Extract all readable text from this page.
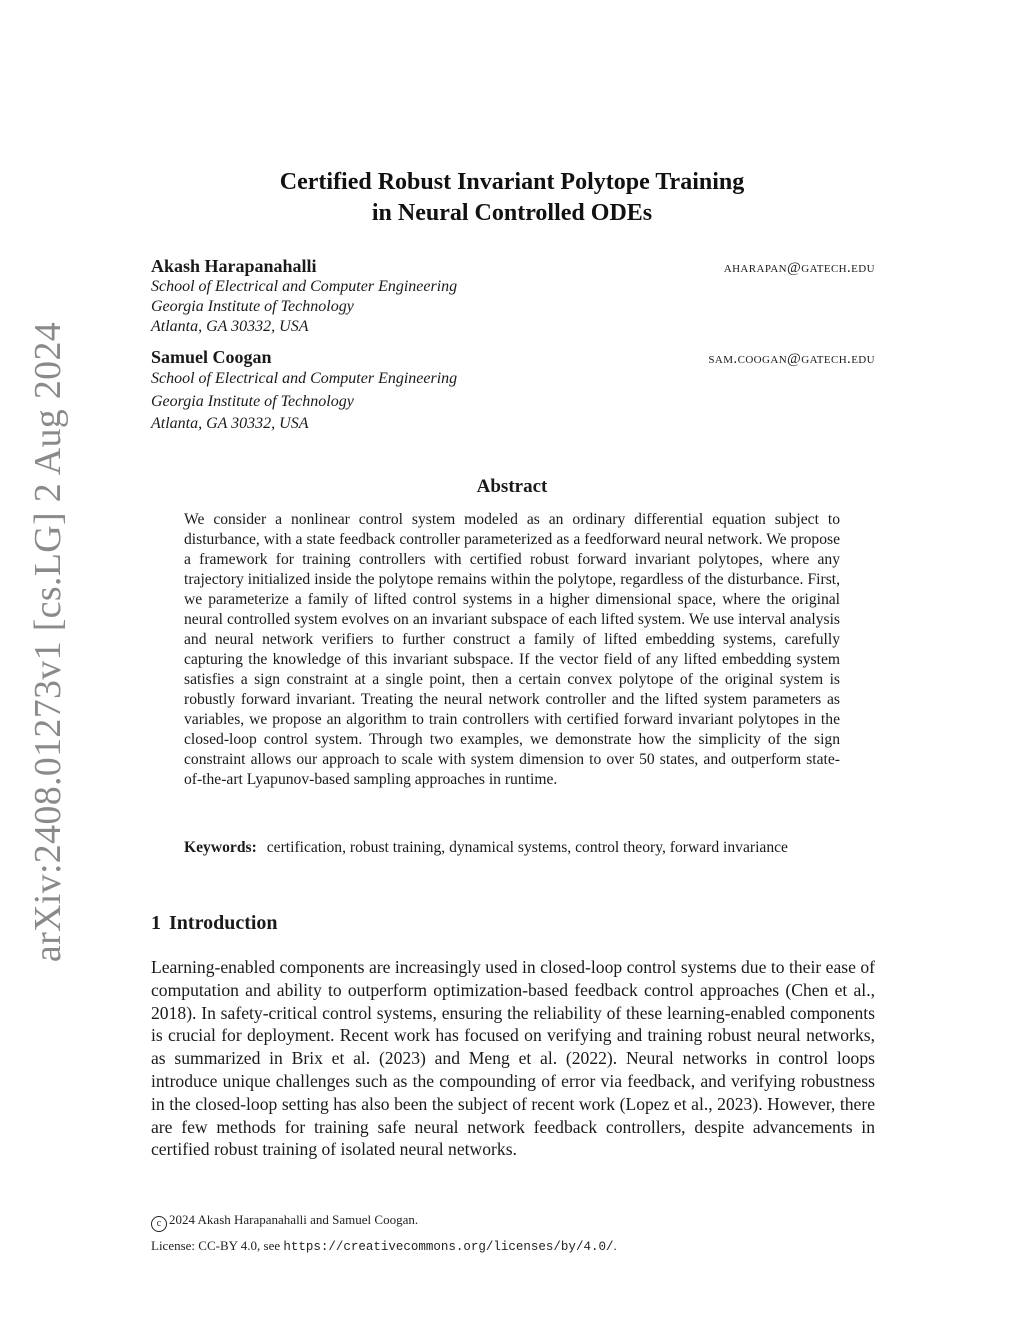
arXiv:2408.01273v1 [cs.LG] 2 Aug 2024
Certified Robust Invariant Polytope Training
in Neural Controlled ODEs
Akash Harapanahalli	aharapan@gatech.edu
School of Electrical and Computer Engineering
Georgia Institute of Technology
Atlanta, GA 30332, USA
Samuel Coogan	sam.coogan@gatech.edu
School of Electrical and Computer Engineering
Georgia Institute of Technology
Atlanta, GA 30332, USA
Abstract
We consider a nonlinear control system modeled as an ordinary differential equation subject to disturbance, with a state feedback controller parameterized as a feedforward neural network. We propose a framework for training controllers with certified robust forward invariant polytopes, where any trajectory initialized inside the polytope remains within the polytope, regardless of the disturbance. First, we parameterize a family of lifted control systems in a higher dimensional space, where the original neural controlled system evolves on an invariant subspace of each lifted system. We use interval analysis and neural network verifiers to further construct a family of lifted embedding systems, carefully capturing the knowledge of this invariant subspace. If the vector field of any lifted embedding system satisfies a sign constraint at a single point, then a certain convex polytope of the original system is robustly forward invariant. Treating the neural network controller and the lifted system parameters as variables, we propose an algorithm to train controllers with certified forward invariant polytopes in the closed-loop control system. Through two examples, we demonstrate how the simplicity of the sign constraint allows our approach to scale with system dimension to over 50 states, and outperform state-of-the-art Lyapunov-based sampling approaches in runtime.
Keywords: certification, robust training, dynamical systems, control theory, forward invariance
1 Introduction
Learning-enabled components are increasingly used in closed-loop control systems due to their ease of computation and ability to outperform optimization-based feedback control approaches (Chen et al., 2018). In safety-critical control systems, ensuring the reliability of these learning-enabled components is crucial for deployment. Recent work has focused on verifying and training robust neural networks, as summarized in Brix et al. (2023) and Meng et al. (2022). Neural networks in control loops introduce unique challenges such as the compounding of error via feedback, and verifying robustness in the closed-loop setting has also been the subject of recent work (Lopez et al., 2023). However, there are few methods for training safe neural network feedback controllers, despite advancements in certified robust training of isolated neural networks.
c 2024 Akash Harapanahalli and Samuel Coogan.
License: CC-BY 4.0, see https://creativecommons.org/licenses/by/4.0/.
